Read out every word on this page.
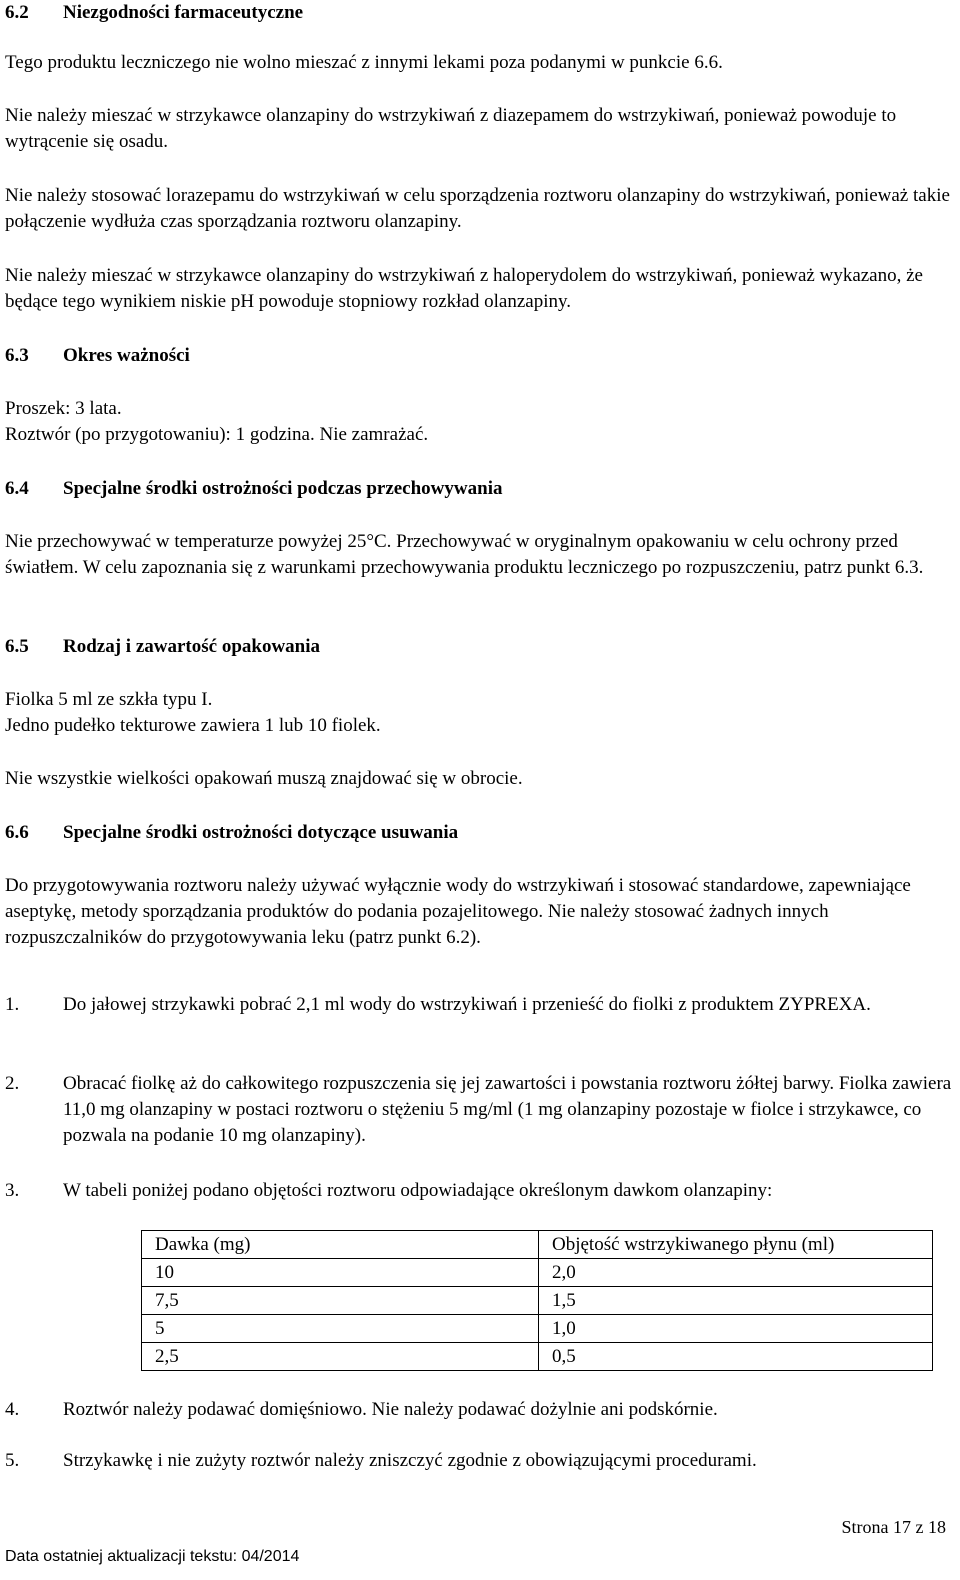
6.2 Niezgodności farmaceutyczne

Tego produktu leczniczego nie wolno mieszać z innymi lekami poza podanymi w punkcie 6.6.

Nie należy mieszać w strzykawce olanzapiny do wstrzykiwań z diazepamem do wstrzykiwań, ponieważ powoduje to wytrącenie się osadu.

Nie należy stosować lorazepamu do wstrzykiwań w celu sporządzenia roztworu olanzapiny do wstrzykiwań, ponieważ takie połączenie wydłuża czas sporządzania roztworu olanzapiny.

Nie należy mieszać w strzykawce olanzapiny do wstrzykiwań z haloperydolem do wstrzykiwań, ponieważ wykazano, że będące tego wynikiem niskie pH powoduje stopniowy rozkład olanzapiny.

6.3 Okres ważności

Proszek: 3 lata.

Roztwór (po przygotowaniu): 1 godzina. Nie zamrażać.

6.4 Specjalne środki ostrożności podczas przechowywania

Nie przechowywać w temperaturze powyżej 25°C. Przechowywać w oryginalnym opakowaniu w celu ochrony przed światłem. W celu zapoznania się z warunkami przechowywania produktu leczniczego po rozpuszczeniu, patrz punkt 6.3.

6.5 Rodzaj i zawartość opakowania

Fiolka 5 ml ze szkła typu I.

Jedno pudełko tekturowe zawiera 1 lub 10 fiolek.

Nie wszystkie wielkości opakowań muszą znajdować się w obrocie.

6.6 Specjalne środki ostrożności dotyczące usuwania

Do przygotowywania roztworu należy używać wyłącznie wody do wstrzykiwań i stosować standardowe, zapewniające aseptykę, metody sporządzania produktów do podania pozajelitowego. Nie należy stosować żadnych innych rozpuszczalników do przygotowywania leku (patrz punkt 6.2).

1. Do jałowej strzykawki pobrać 2,1 ml wody do wstrzykiwań i przenieść do fiolki z produktem ZYPREXA.
2. Obracać fiolkę aż do całkowitego rozpuszczenia się jej zawartości i powstania roztworu żółtej barwy. Fiolka zawiera 11,0 mg olanzapiny w postaci roztworu o stężeniu 5 mg/ml (1 mg olanzapiny pozostaje w fiolce i strzykawce, co pozwala na podanie 10 mg olanzapiny).
3. W tabeli poniżej podano objętości roztworu odpowiadające określonym dawkom olanzapiny:
Dawka (mg)	Objętość wstrzykiwanego płynu (ml)
10	2,0
7,5	1,5
5	1,0
2,5	0,5
4. Roztwór należy podawać domięśniowo. Nie należy podawać dożylnie ani podskórnie.
5. Strzykawkę i nie zużyty roztwór należy zniszczyć zgodnie z obowiązującymi procedurami.
Strona 17 z 18
Data ostatniej aktualizacji tekstu: 04/2014
